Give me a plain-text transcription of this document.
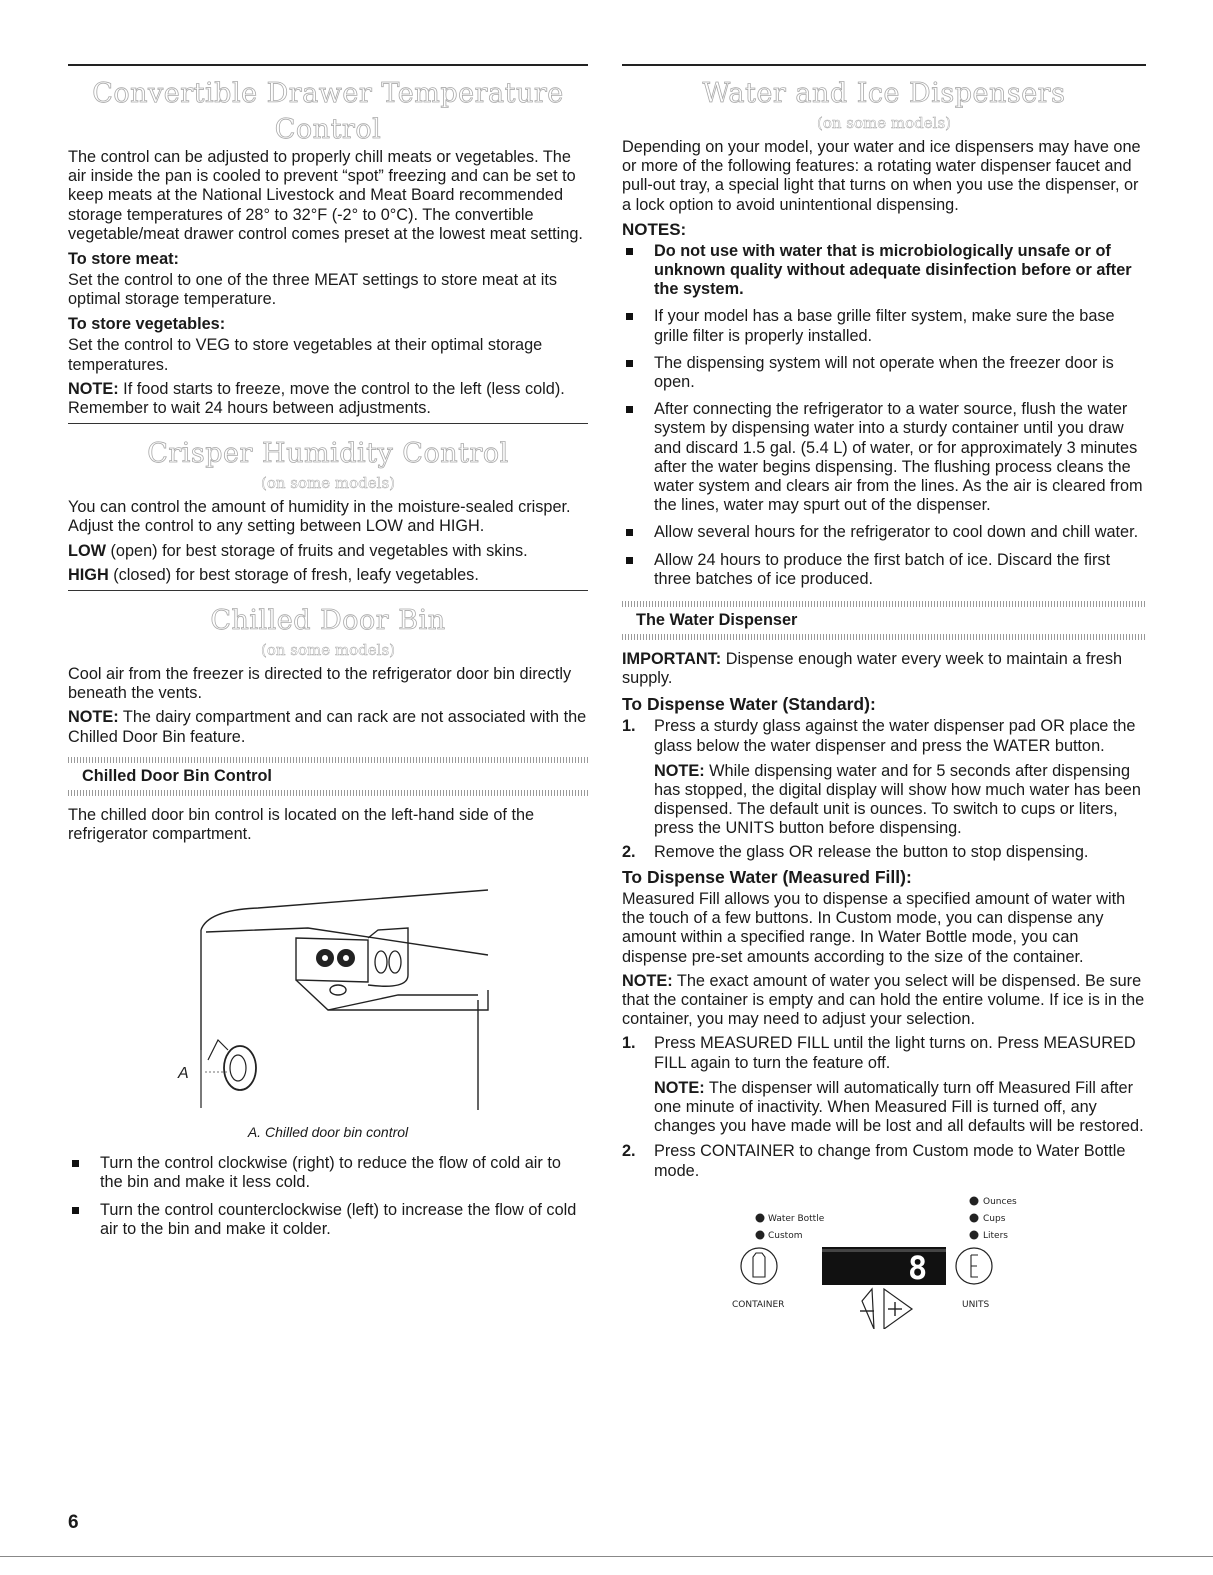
Convertible Drawer Temperature Control

The control can be adjusted to properly chill meats or vegetables. The air inside the pan is cooled to prevent “spot” freezing and can be set to keep meats at the National Livestock and Meat Board recommended storage temperatures of 28° to 32°F (-2° to 0°C). The convertible vegetable/meat drawer control comes preset at the lowest meat setting.

To store meat:

Set the control to one of the three MEAT settings to store meat at its optimal storage temperature.

To store vegetables:

Set the control to VEG to store vegetables at their optimal storage temperatures.

NOTE: If food starts to freeze, move the control to the left (less cold). Remember to wait 24 hours between adjustments.

Crisper Humidity Control
(on some models)

You can control the amount of humidity in the moisture-sealed crisper. Adjust the control to any setting between LOW and HIGH.

LOW (open) for best storage of fruits and vegetables with skins.

HIGH (closed) for best storage of fresh, leafy vegetables.

Chilled Door Bin
(on some models)

Cool air from the freezer is directed to the refrigerator door bin directly beneath the vents.

NOTE: The dairy compartment and can rack are not associated with the Chilled Door Bin feature.

Chilled Door Bin Control

The chilled door bin control is located on the left-hand side of the refrigerator compartment.

A
A. Chilled door bin control
Turn the control clockwise (right) to reduce the flow of cold air to the bin and make it less cold.
Turn the control counterclockwise (left) to increase the flow of cold air to the bin and make it colder.
Water and Ice Dispensers
(on some models)

Depending on your model, your water and ice dispensers may have one or more of the following features: a rotating water dispenser faucet and pull-out tray, a special light that turns on when you use the dispenser, or a lock option to avoid unintentional dispensing.

NOTES:
Do not use with water that is microbiologically unsafe or of unknown quality without adequate disinfection before or after the system.
If your model has a base grille filter system, make sure the base grille filter is properly installed.
The dispensing system will not operate when the freezer door is open.
After connecting the refrigerator to a water source, flush the water system by dispensing water into a sturdy container until you draw and discard 1.5 gal. (5.4 L) of water, or for approximately 3 minutes after the water begins dispensing. The flushing process cleans the water system and clears air from the lines. As the air is cleared from the lines, water may spurt out of the dispenser.
Allow several hours for the refrigerator to cool down and chill water.
Allow 24 hours to produce the first batch of ice. Discard the first three batches of ice produced.
The Water Dispenser

IMPORTANT: Dispense enough water every week to maintain a fresh supply.

To Dispense Water (Standard):
1. Press a sturdy glass against the water dispenser pad OR place the glass below the water dispenser and press the WATER button.
NOTE: While dispensing water and for 5 seconds after dispensing has stopped, the digital display will show how much water has been dispensed. The default unit is ounces. To switch to cups or liters, press the UNITS button before dispensing.
2. Remove the glass OR release the button to stop dispensing.
To Dispense Water (Measured Fill):

Measured Fill allows you to dispense a specified amount of water with the touch of a few buttons. In Custom mode, you can dispense any amount within a specified range. In Water Bottle mode, you can dispense pre-set amounts according to the size of the container.

NOTE: The exact amount of water you select will be dispensed. Be sure that the container is empty and can hold the entire volume. If ice is in the container, you may need to adjust your selection.

1. Press MEASURED FILL until the light turns on. Press MEASURED FILL again to turn the feature off.
NOTE: The dispenser will automatically turn off Measured Fill after one minute of inactivity. When Measured Fill is turned off, any changes you have made will be lost and all defaults will be restored.
2. Press CONTAINER to change from Custom mode to Water Bottle mode.
Water Bottle
Custom
Ounces
Cups
Liters
CONTAINER
8
UNITS
6
